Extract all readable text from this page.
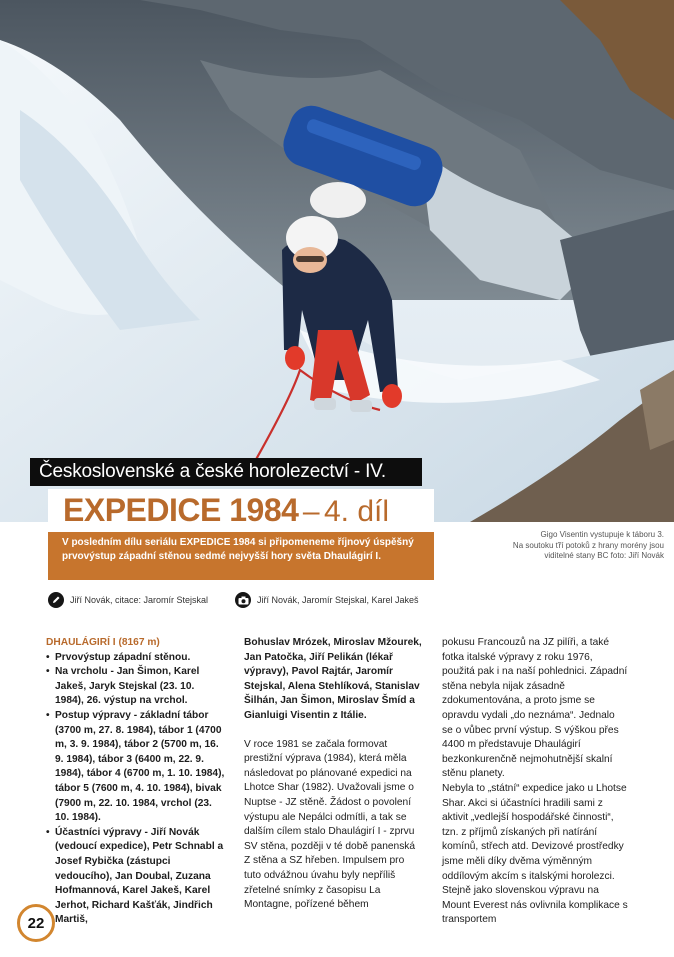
Gigo Visentin vystupuje k táboru 3.
Na soutoku ťří potoků z hrany morény jsou
viditelné stany BC foto: Jiří Novák
Československé a české horolezectví - IV.
EXPEDICE 1984 – 4. díl
V posledním dílu seriálu EXPEDICE 1984 si připomeneme říjnový úspěšný prvovýstup západní stěnou sedmé nejvyšší hory světa Dhaulágirí I.
Jiří Novák, citace: Jaromír Stejskal	Jiří Novák, Jaromír Stejskal, Karel Jakeš
DHAULÁGIRÍ I (8167 m)
• Prvovýstup západní stěnou.
• Na vrcholu - Jan Šimon, Karel Jakeš, Jaryk Stejskal (23. 10. 1984), 26. výstup na vrchol.
• Postup výpravy - základní tábor (3700 m, 27. 8. 1984), tábor 1 (4700 m, 3. 9. 1984), tábor 2 (5700 m, 16. 9. 1984), tábor 3 (6400 m, 22. 9. 1984), tábor 4 (6700 m, 1. 10. 1984), tábor 5 (7600 m, 4. 10. 1984), bivak (7900 m, 22. 10. 1984, vrchol (23. 10. 1984).
• Účastníci výpravy - Jiří Novák (vedoucí expedice), Petr Schnabl a Josef Rybička (zástupci vedoucího), Jan Doubal, Zuzana Hofmannová, Karel Jakeš, Karel Jerhot, Richard Kašťák, Jindřich Martiš,
Bohuslav Mrózek, Miroslav Mžourek, Jan Patočka, Jiří Pelikán (lékař výpravy), Pavol Rajtár, Jaromír Stejskal, Alena Stehlíková, Stanislav Šilhán, Jan Šimon, Miroslav Šmíd a Gianluigi Visentin z Itálie.
V roce 1981 se začala formovat prestižní výprava (1984), která měla následovat po plánované expedici na Lhotce Shar (1982). Uvažovali jsme o Nuptse - JZ stěně. Žádost o povolení výstupu ale Nepálci odmítli, a tak se dalším cílem stalo Dhaulágirí I - zprvu SV stěna, později v té době panenská Z stěna a SZ hřeben. Impulsem pro tuto odvážnou úvahu byly nepříliš zřetelné snímky z časopisu La Montagne, pořízené během
pokusu Francouzů na JZ pilíři, a také fotka italské výpravy z roku 1976, použitá pak i na naší pohlednici. Západní stěna nebyla nijak zásadně zdokumentována, a proto jsme se opravdu vydali „do neznáma“. Jednalo se o vůbec první výstup. S výškou přes 4400 m představuje Dhaulágirí bezkonkurenčně nejmohutnější skalní stěnu planety.
Nebyla to „státní“ expedice jako u Lhotse Shar. Akci si účastníci hradili sami z aktivit „vedlejší hospodářské činnosti“, tzn. z příjmů získaných při natírání komínů, střech atd. Devizové prostředky jsme měli díky dvěma výměnným oddílovým akcím s italskými horolezci. Stejně jako slovenskou výpravu na Mount Everest nás ovlivnila komplikace s transportem
22
